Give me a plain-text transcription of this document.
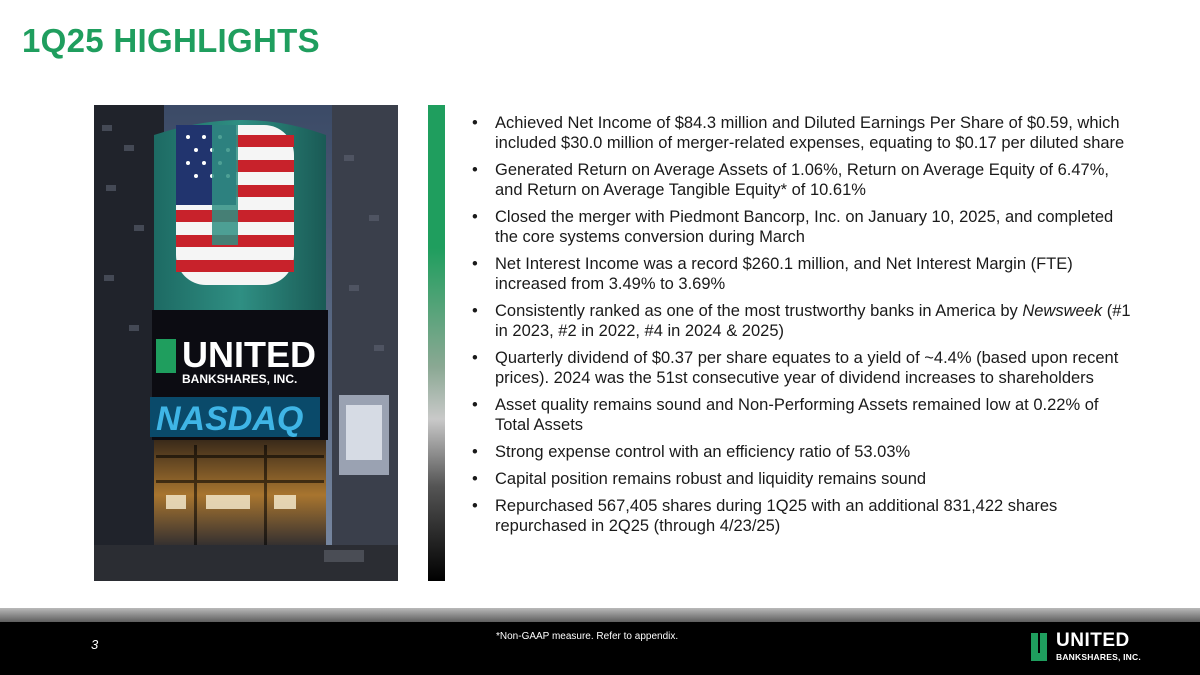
1Q25 HIGHLIGHTS
UNITED
BANKSHARES, INC.
NASDAQ
• Achieved Net Income of $84.3 million and Diluted Earnings Per Share of $0.59, which included $30.0 million of merger-related expenses, equating to $0.17 per diluted share
• Generated Return on Average Assets of 1.06%, Return on Average Equity of 6.47%, and Return on Average Tangible Equity* of 10.61%
• Closed the merger with Piedmont Bancorp, Inc. on January 10, 2025, and completed the core systems conversion during March
• Net Interest Income was a record $260.1 million, and Net Interest Margin (FTE) increased from 3.49% to 3.69%
• Consistently ranked as one of the most trustworthy banks in America by Newsweek (#1 in 2023, #2 in 2022, #4 in 2024 & 2025)
• Quarterly dividend of $0.37 per share equates to a yield of ~4.4% (based upon recent prices). 2024 was the 51st consecutive year of dividend increases to shareholders
• Asset quality remains sound and Non-Performing Assets remained low at 0.22% of Total Assets
• Strong expense control with an efficiency ratio of 53.03%
• Capital position remains robust and liquidity remains sound
• Repurchased 567,405 shares during 1Q25 with an additional 831,422 shares repurchased in 2Q25 (through 4/23/25)
3
*Non-GAAP measure. Refer to appendix.	UNITED
BANKSHARES, INC.
